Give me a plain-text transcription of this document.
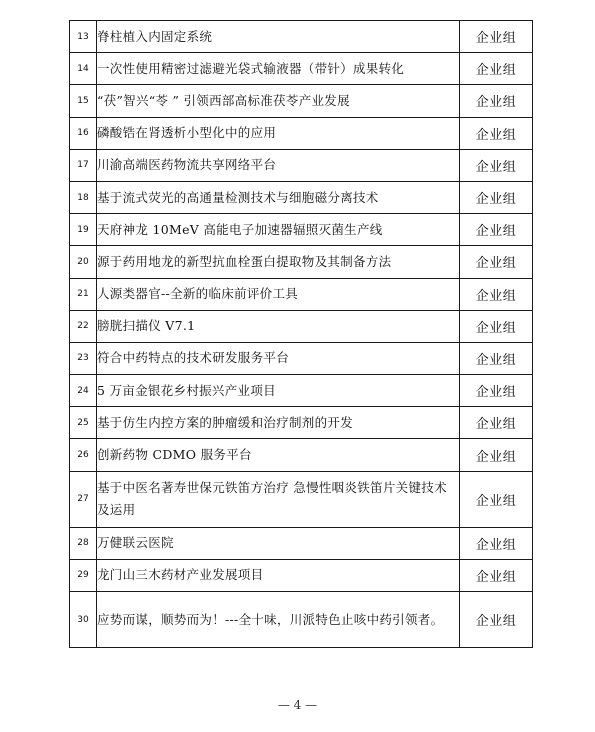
13	脊柱植入内固定系统	企业组
14	一次性使用精密过滤避光袋式输液器（带针）成果转化	企业组
15	“茯”智兴“苓 ” 引领西部高标准茯苓产业发展	企业组
16	磷酸锆在肾透析小型化中的应用	企业组
17	川渝高端医药物流共享网络平台	企业组
18	基于流式荧光的高通量检测技术与细胞磁分离技术	企业组
19	天府神龙 10MeV 高能电子加速器辐照灭菌生产线	企业组
20	源于药用地龙的新型抗血栓蛋白提取物及其制备方法	企业组
21	人源类器官--全新的临床前评价工具	企业组
22	膀胱扫描仪 V7.1	企业组
23	符合中药特点的技术研发服务平台	企业组
24	5 万亩金银花乡村振兴产业项目	企业组
25	基于仿生内控方案的肿瘤缓和治疗制剂的开发	企业组
26	创新药物 CDMO 服务平台	企业组
27	基于中医名著寿世保元铁笛方治疗 急慢性咽炎铁笛片关键技术及运用	企业组
28	万健联云医院	企业组
29	龙门山三木药材产业发展项目	企业组
30	应势而谋，顺势而为！---全十味，川派特色止咳中药引领者。	企业组
— 4 —
